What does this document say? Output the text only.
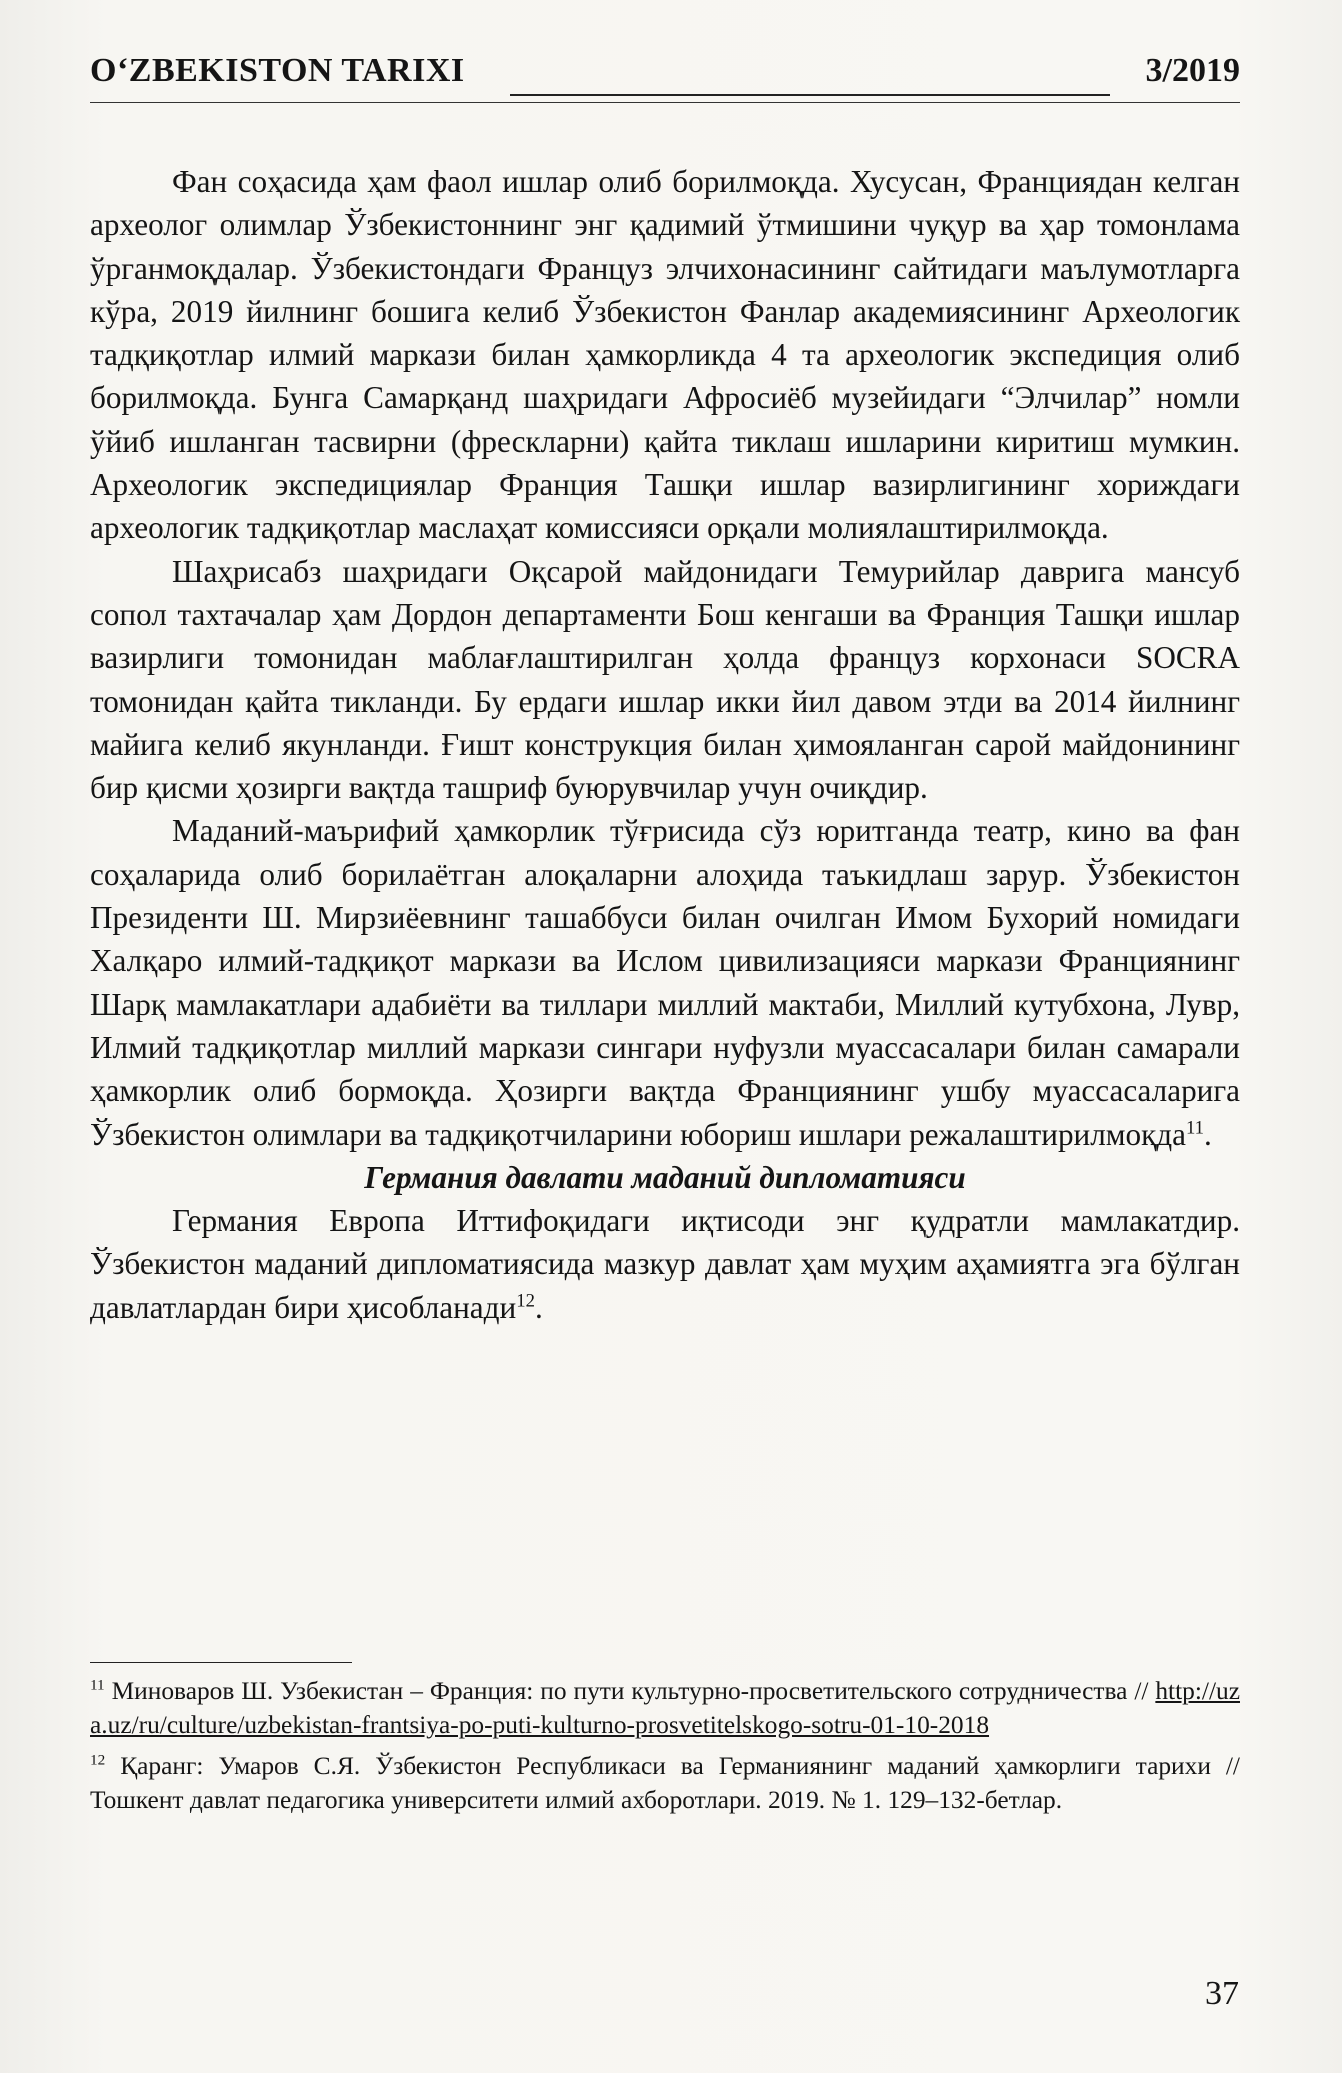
O‘ZBEKISTON TARIXI	3/2019

Фан соҳасида ҳам фаол ишлар олиб борилмоқда. Хусусан, Франциядан келган археолог олимлар Ўзбекистоннинг энг қадимий ўтмишини чуқур ва ҳар томонлама ўрганмоқдалар. Ўзбекистондаги Француз элчихонасининг сайтидаги маълумотларга кўра, 2019 йилнинг бошига келиб Ўзбекистон Фанлар академиясининг Археологик тадқиқотлар илмий маркази билан ҳамкорликда 4 та археологик экспедиция олиб борилмоқда. Бунга Самарқанд шаҳридаги Афросиёб музейидаги “Элчилар” номли ўйиб ишланган тасвирни (фрескларни) қайта тиклаш ишларини киритиш мумкин. Археологик экспедициялар Франция Ташқи ишлар вазирлигининг хориждаги археологик тадқиқотлар маслаҳат комиссияси орқали молиялаштирилмоқда.

Шаҳрисабз шаҳридаги Оқсарой майдонидаги Темурийлар даврига мансуб сопол тахтачалар ҳам Дордон департаменти Бош кенгаши ва Франция Ташқи ишлар вазирлиги томонидан маблағлаштирилган ҳолда француз корхонаси SOCRA томонидан қайта тикланди. Бу ердаги ишлар икки йил давом этди ва 2014 йилнинг майига келиб якунланди. Ғишт конструкция билан ҳимояланган сарой майдонининг бир қисми ҳозирги вақтда ташриф буюрувчилар учун очиқдир.

Маданий-маърифий ҳамкорлик тўғрисида сўз юритганда театр, кино ва фан соҳаларида олиб борилаётган алоқаларни алоҳида таъкидлаш зарур. Ўзбекистон Президенти Ш. Мирзиёевнинг ташаббуси билан очилган Имом Бухорий номидаги Халқаро илмий-тадқиқот маркази ва Ислом цивилизацияси маркази Франциянинг Шарқ мамлакатлари адабиёти ва тиллари миллий мактаби, Миллий кутубхона, Лувр, Илмий тадқиқотлар миллий маркази сингари нуфузли муассасалари билан самарали ҳамкорлик олиб бормоқда. Ҳозирги вақтда Франциянинг ушбу муассасаларига Ўзбекистон олимлари ва тадқиқотчиларини юбориш ишлари режалаштирилмоқда$^{11}$.

Германия давлати маданий дипломатияси

Германия Европа Иттифоқидаги иқтисоди энг қудратли мамлакатдир. Ўзбекистон маданий дипломатиясида мазкур давлат ҳам муҳим аҳамиятга эга бўлган давлатлардан бири ҳисобланади$^{12}$.

$^{11}$ Миноваров Ш. Узбекистан – Франция: по пути культурно-просветительского сотрудничества // http://uza.uz/ru/culture/uzbekistan-frantsiya-po-puti-kulturno-prosvetitelskogo-sotru-01-10-2018

$^{12}$ Қаранг: Умаров С.Я. Ўзбекистон Республикаси ва Германиянинг маданий ҳамкорлиги тарихи // Тошкент давлат педагогика университети илмий ахборотлари. 2019. № 1. 129–132-бетлар.

37
